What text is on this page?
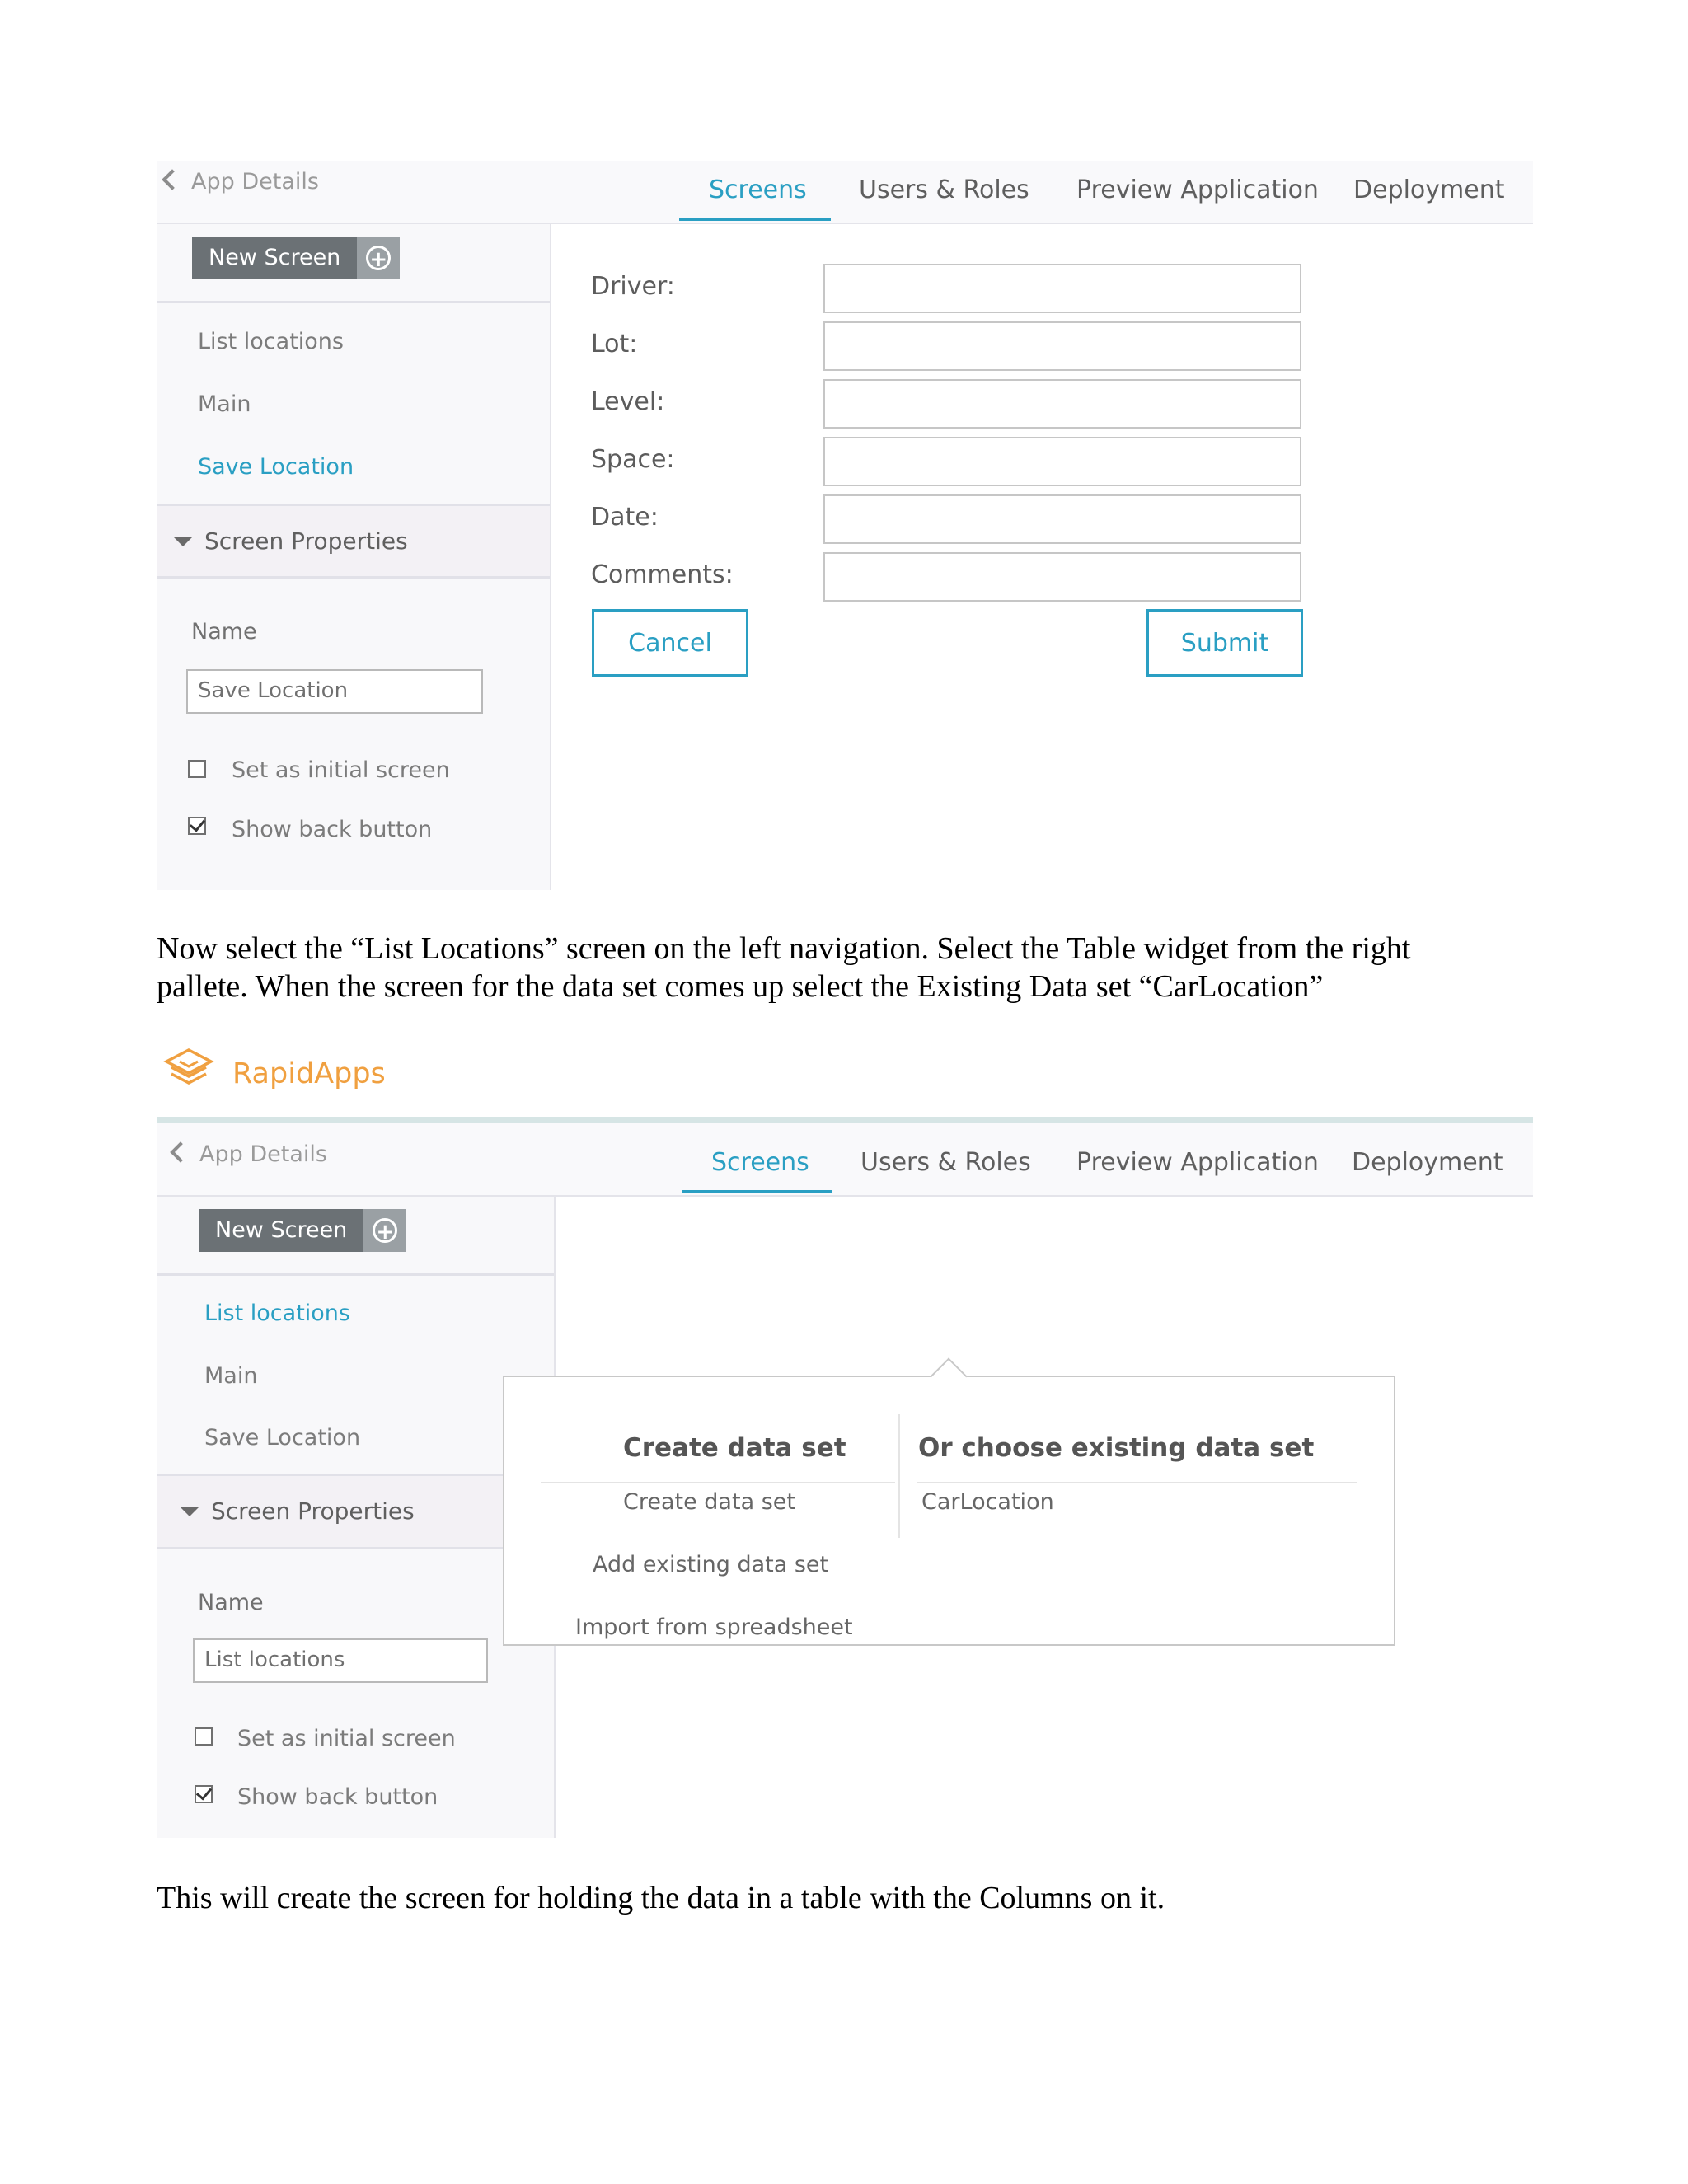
App Details	Screens Users & Roles Preview Application Deployment
New Screen	+
List locations
Main
Save Location
Screen Properties
Name
Save Location
Set as initial screen
Show back button
Driver:
Lot:
Level:
Space:
Date:
Comments:
Cancel	Submit
Now select the “List Locations” screen on the left navigation. Select the Table widget from the right
pallete. When the screen for the data set comes up select the Existing Data set “CarLocation”
RapidApps
App Details	Screens Users & Roles Preview Application Deployment
New Screen	+
List locations
Main
Save Location
Screen Properties
Name
List locations
Set as initial screen
Show back button
Create data set
Create data set
Add existing data set
Import from spreadsheet
Or choose existing data set
CarLocation
This will create the screen for holding the data in a table with the Columns on it.
